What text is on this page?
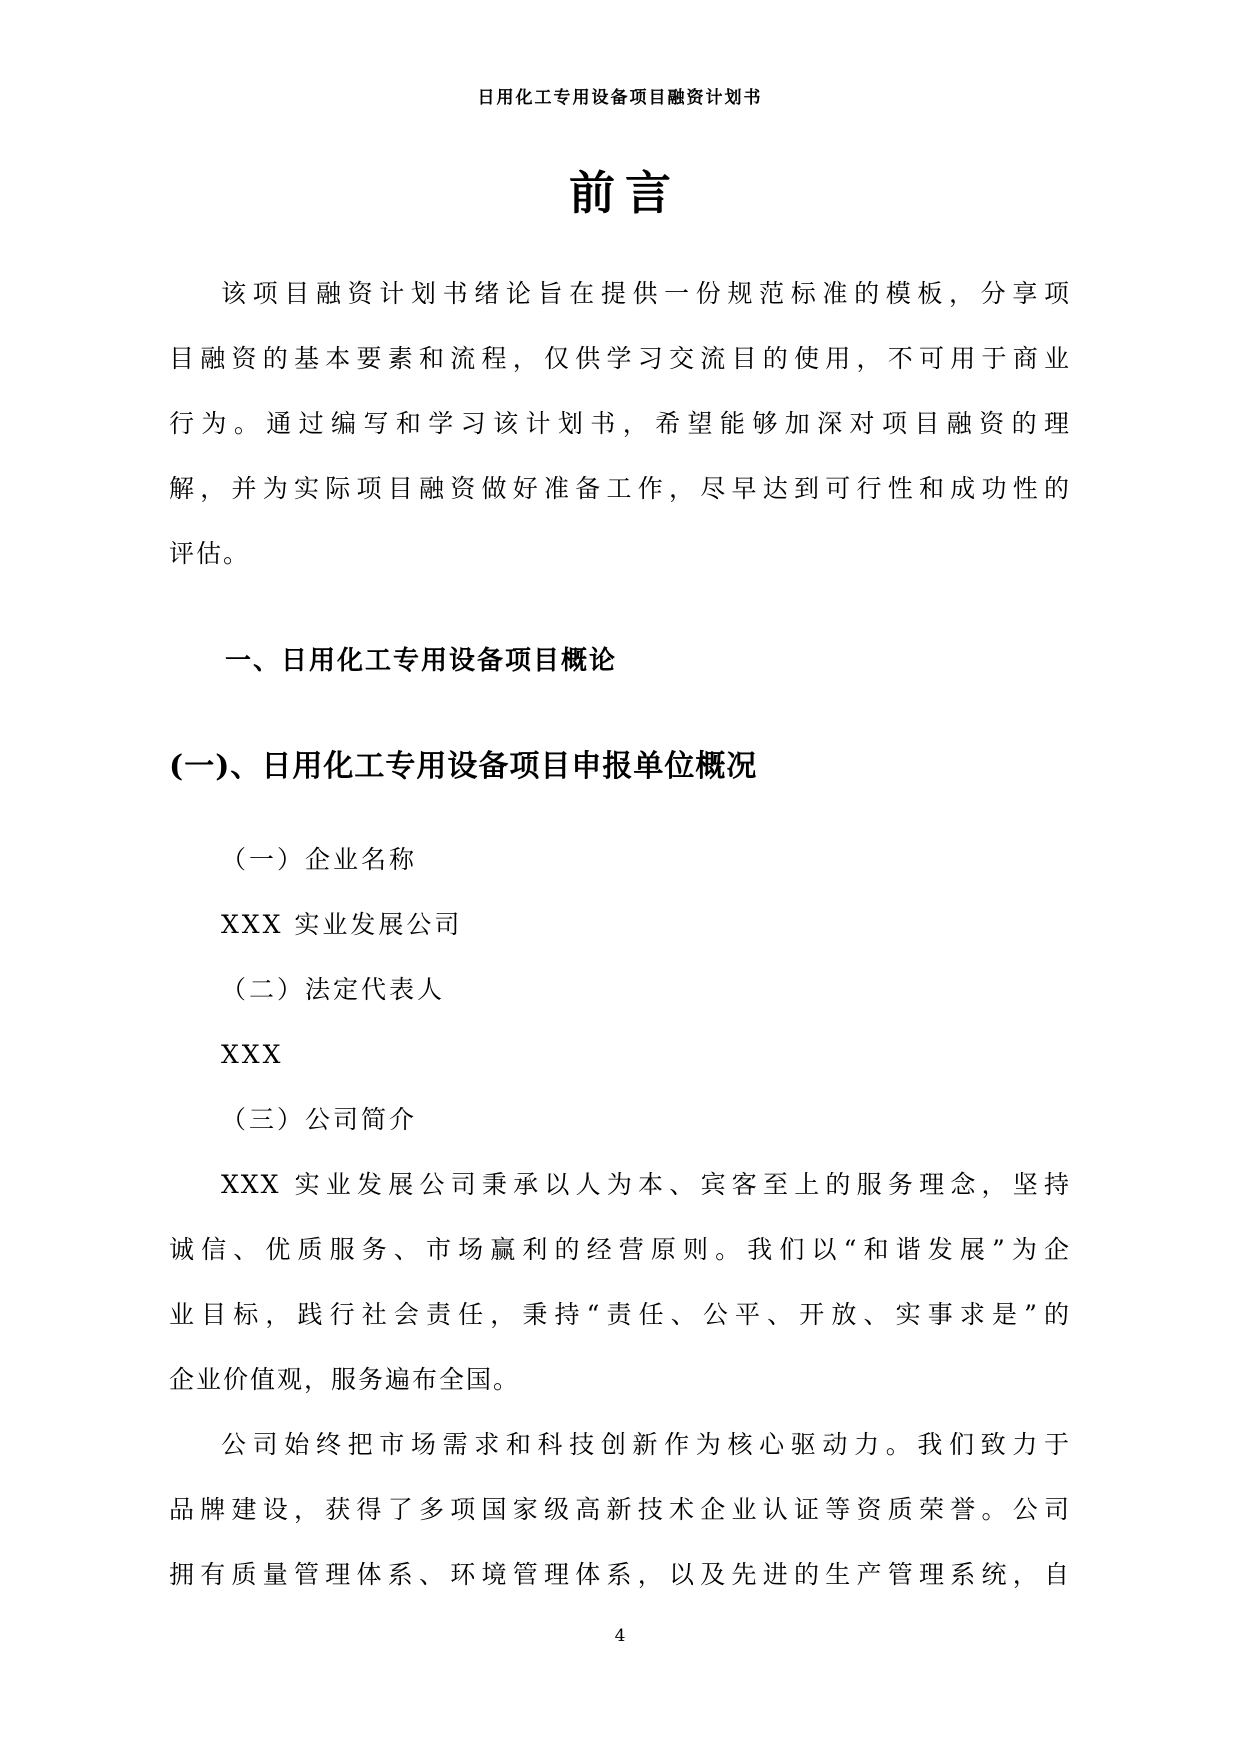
日用化工专用设备项目融资计划书
前言
该项目融资计划书绪论旨在提供一份规范标准的模板，分享项
目融资的基本要素和流程，仅供学习交流目的使用，不可用于商业
行为。通过编写和学习该计划书，希望能够加深对项目融资的理
解，并为实际项目融资做好准备工作，尽早达到可行性和成功性的
评估。
一、日用化工专用设备项目概论
(一)、日用化工专用设备项目申报单位概况
（一）企业名称
XXX 实业发展公司
（二）法定代表人
XXX
（三）公司简介
XXX 实业发展公司秉承以人为本、宾客至上的服务理念，坚持
诚信、优质服务、市场赢利的经营原则。我们以“和谐发展”为企
业目标，践行社会责任，秉持“责任、公平、开放、实事求是”的
企业价值观，服务遍布全国。
公司始终把市场需求和科技创新作为核心驱动力。我们致力于
品牌建设，获得了多项国家级高新技术企业认证等资质荣誉。公司
拥有质量管理体系、环境管理体系，以及先进的生产管理系统，自
4
